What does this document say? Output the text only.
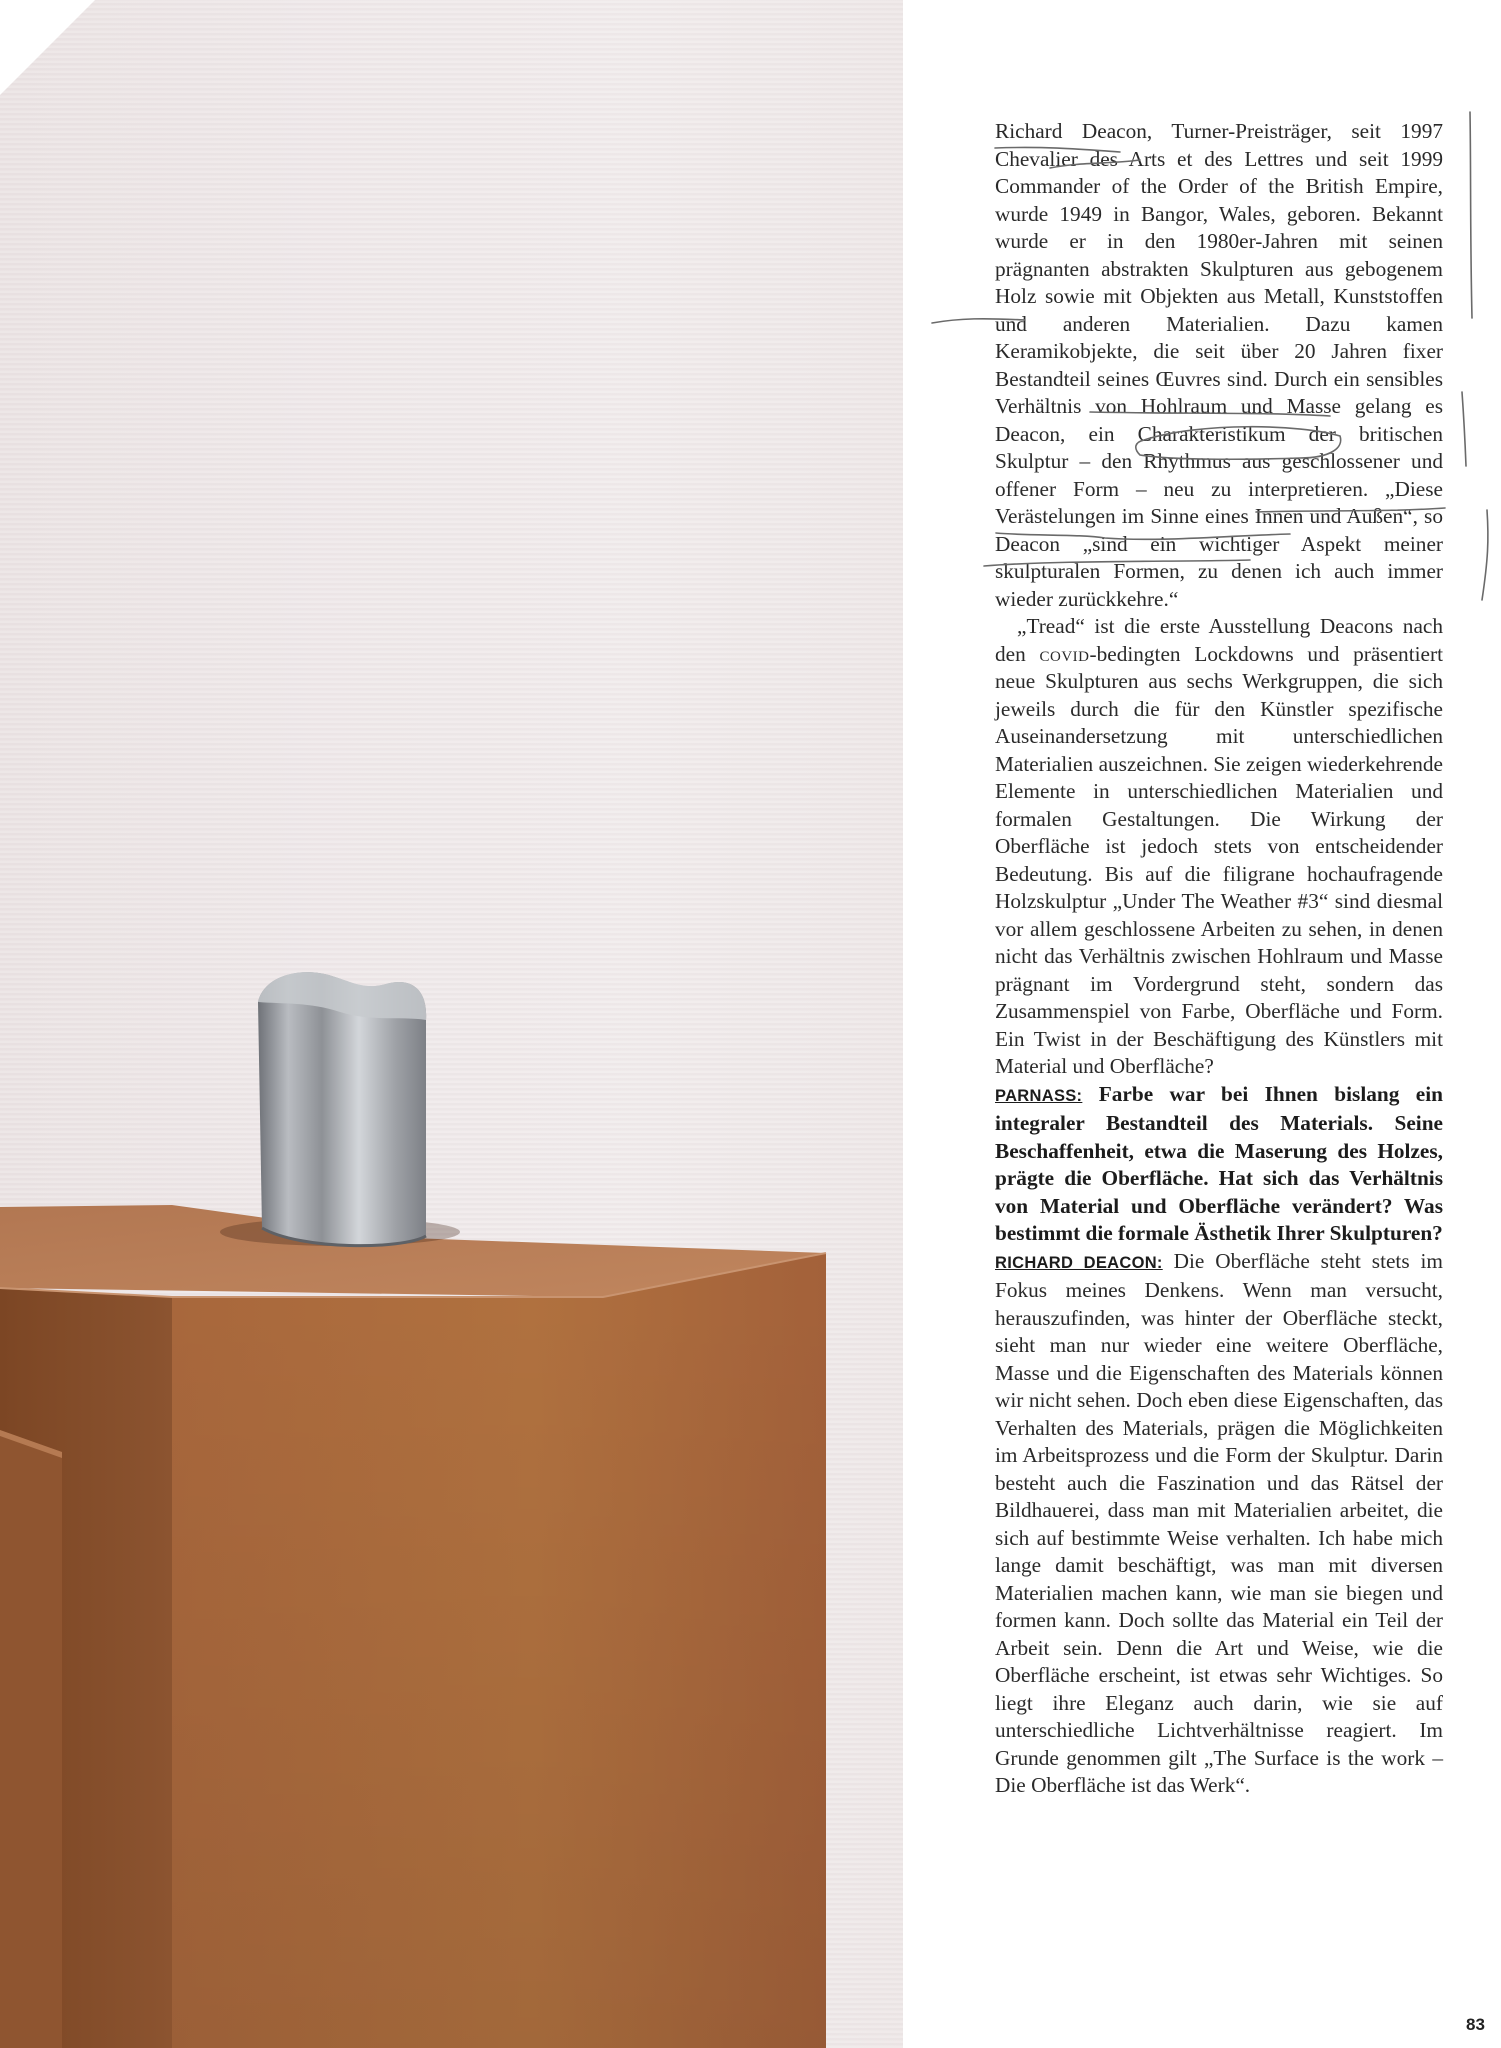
Richard Deacon, Turner-Preisträger, seit 1997 Chevalier des Arts et des Lettres und seit 1999 Commander of the Order of the British Empire, wurde 1949 in Bangor, Wales, geboren. Bekannt wurde er in den 1980er-Jahren mit seinen prägnanten abstrakten Skulpturen aus gebogenem Holz sowie mit Objekten aus Metall, Kunststoffen und anderen Materialien. Dazu kamen Keramikobjekte, die seit über 20 Jahren fixer Bestandteil seines Œuvres sind. Durch ein sensibles Verhältnis von Hohlraum und Masse gelang es Deacon, ein Charakteristikum der britischen Skulptur – den Rhythmus aus geschlossener und offener Form – neu zu interpretieren. „Diese Verästelungen im Sinne eines Innen und Außen“, so Deacon „sind ein wichtiger Aspekt meiner skulpturalen Formen, zu denen ich auch immer wieder zurückkehre.“

„Tread“ ist die erste Ausstellung Deacons nach den covid-bedingten Lockdowns und präsentiert neue Skulpturen aus sechs Werkgruppen, die sich jeweils durch die für den Künstler spezifische Auseinandersetzung mit unterschiedlichen Materialien auszeichnen. Sie zeigen wiederkehrende Elemente in unterschiedlichen Materialien und formalen Gestaltungen. Die Wirkung der Oberfläche ist jedoch stets von entscheidender Bedeutung. Bis auf die filigrane hochaufragende Holzskulptur „Under The Weather #3“ sind diesmal vor allem geschlossene Arbeiten zu sehen, in denen nicht das Verhältnis zwischen Hohlraum und Masse prägnant im Vordergrund steht, sondern das Zusammenspiel von Farbe, Oberfläche und Form. Ein Twist in der Beschäftigung des Künstlers mit Material und Oberfläche?

PARNASS: Farbe war bei Ihnen bislang ein integraler Bestandteil des Materials. Seine Beschaffenheit, etwa die Maserung des Holzes, prägte die Oberfläche. Hat sich das Verhältnis von Material und Oberfläche verändert? Was bestimmt die formale Ästhetik Ihrer Skulpturen?

RICHARD DEACON: Die Oberfläche steht stets im Fokus meines Denkens. Wenn man versucht, herauszufinden, was hinter der Oberfläche steckt, sieht man nur wieder eine weitere Oberfläche, Masse und die Eigenschaften des Materials können wir nicht sehen. Doch eben diese Eigenschaften, das Verhalten des Materials, prägen die Möglichkeiten im Arbeitsprozess und die Form der Skulptur. Darin besteht auch die Faszination und das Rätsel der Bildhauerei, dass man mit Materialien arbeitet, die sich auf bestimmte Weise verhalten. Ich habe mich lange damit beschäftigt, was man mit diversen Materialien machen kann, wie man sie biegen und formen kann. Doch sollte das Material ein Teil der Arbeit sein. Denn die Art und Weise, wie die Oberfläche erscheint, ist etwas sehr Wichtiges. So liegt ihre Eleganz auch darin, wie sie auf unterschiedliche Lichtverhältnisse reagiert. Im Grunde genommen gilt „The Surface is the work – Die Oberfläche ist das Werk“.

83
